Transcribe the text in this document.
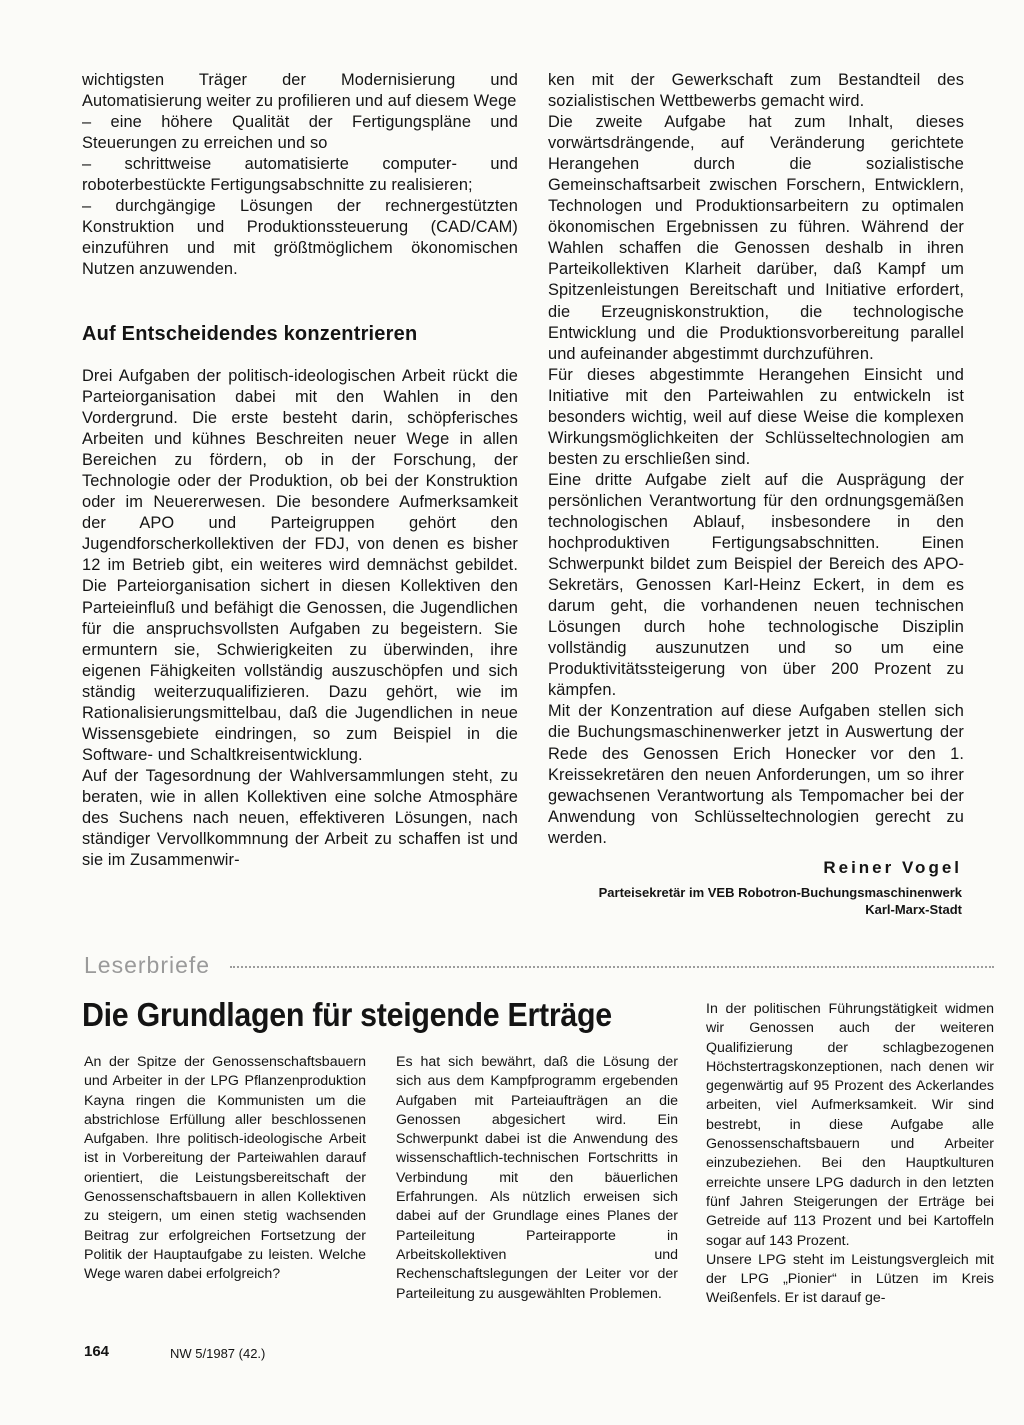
wichtigsten Träger der Modernisierung und Automatisierung weiter zu profilieren und auf diesem Wege

– eine höhere Qualität der Fertigungspläne und Steuerungen zu erreichen und so

– schrittweise automatisierte computer- und roboterbestückte Fertigungsabschnitte zu realisieren;

– durchgängige Lösungen der rechnergestützten Konstruktion und Produktionssteuerung (CAD/CAM) einzuführen und mit größtmöglichem ökonomischen Nutzen anzuwenden.

Auf Entscheidendes konzentrieren

Drei Aufgaben der politisch-ideologischen Arbeit rückt die Parteiorganisation dabei mit den Wahlen in den Vordergrund. Die erste besteht darin, schöpferisches Arbeiten und kühnes Beschreiten neuer Wege in allen Bereichen zu fördern, ob in der Forschung, der Technologie oder der Produktion, ob bei der Konstruktion oder im Neuererwesen. Die besondere Aufmerksamkeit der APO und Parteigruppen gehört den Jugendforscherkollektiven der FDJ, von denen es bisher 12 im Betrieb gibt, ein weiteres wird demnächst gebildet. Die Parteiorganisation sichert in diesen Kollektiven den Parteieinfluß und befähigt die Genossen, die Jugendlichen für die anspruchsvollsten Aufgaben zu begeistern. Sie ermuntern sie, Schwierigkeiten zu überwinden, ihre eigenen Fähigkeiten vollständig auszuschöpfen und sich ständig weiterzuqualifizieren. Dazu gehört, wie im Rationalisierungsmittelbau, daß die Jugendlichen in neue Wissensgebiete eindringen, so zum Beispiel in die Software- und Schaltkreisentwicklung.

Auf der Tagesordnung der Wahlversammlungen steht, zu beraten, wie in allen Kollektiven eine solche Atmosphäre des Suchens nach neuen, effektiveren Lösungen, nach ständiger Vervollkommnung der Arbeit zu schaffen ist und sie im Zusammenwir-

ken mit der Gewerkschaft zum Bestandteil des sozialistischen Wettbewerbs gemacht wird.

Die zweite Aufgabe hat zum Inhalt, dieses vorwärtsdrängende, auf Veränderung gerichtete Herangehen durch die sozialistische Gemeinschaftsarbeit zwischen Forschern, Entwicklern, Technologen und Produktionsarbeitern zu optimalen ökonomischen Ergebnissen zu führen. Während der Wahlen schaffen die Genossen deshalb in ihren Parteikollektiven Klarheit darüber, daß Kampf um Spitzenleistungen Bereitschaft und Initiative erfordert, die Erzeugniskonstruktion, die technologische Entwicklung und die Produktionsvorbereitung parallel und aufeinander abgestimmt durchzuführen.

Für dieses abgestimmte Herangehen Einsicht und Initiative mit den Parteiwahlen zu entwickeln ist besonders wichtig, weil auf diese Weise die komplexen Wirkungsmöglichkeiten der Schlüsseltechnologien am besten zu erschließen sind.

Eine dritte Aufgabe zielt auf die Ausprägung der persönlichen Verantwortung für den ordnungsgemäßen technologischen Ablauf, insbesondere in den hochproduktiven Fertigungsabschnitten. Einen Schwerpunkt bildet zum Beispiel der Bereich des APO-Sekretärs, Genossen Karl-Heinz Eckert, in dem es darum geht, die vorhandenen neuen technischen Lösungen durch hohe technologische Disziplin vollständig auszunutzen und so um eine Produktivitätssteigerung von über 200 Prozent zu kämpfen.

Mit der Konzentration auf diese Aufgaben stellen sich die Buchungsmaschinenwerker jetzt in Auswertung der Rede des Genossen Erich Honecker vor den 1. Kreissekretären den neuen Anforderungen, um so ihrer gewachsenen Verantwortung als Tempomacher bei der Anwendung von Schlüsseltechnologien gerecht zu werden.

Reiner Vogel
Parteisekretär im VEB Robotron-Buchungsmaschinenwerk
Karl-Marx-Stadt
Leserbriefe
Die Grundlagen für steigende Erträge

An der Spitze der Genossenschaftsbauern und Arbeiter in der LPG Pflanzenproduktion Kayna ringen die Kommunisten um die abstrichlose Erfüllung aller beschlossenen Aufgaben. Ihre politisch-ideologische Arbeit ist in Vorbereitung der Parteiwahlen darauf orientiert, die Leistungsbereitschaft der Genossenschaftsbauern in allen Kollektiven zu steigern, um einen stetig wachsenden Beitrag zur erfolgreichen Fortsetzung der Politik der Hauptaufgabe zu leisten. Welche Wege waren dabei erfolgreich?

Es hat sich bewährt, daß die Lösung der sich aus dem Kampfprogramm ergebenden Aufgaben mit Parteiaufträgen an die Genossen abgesichert wird. Ein Schwerpunkt dabei ist die Anwendung des wissenschaftlich-technischen Fortschritts in Verbindung mit den bäuerlichen Erfahrungen. Als nützlich erweisen sich dabei auf der Grundlage eines Planes der Parteileitung Parteirapporte in Arbeitskollektiven und Rechenschaftslegungen der Leiter vor der Parteileitung zu ausgewählten Problemen.

In der politischen Führungstätigkeit widmen wir Genossen auch der weiteren Qualifizierung der schlagbezogenen Höchstertragskonzeptionen, nach denen wir gegenwärtig auf 95 Prozent des Ackerlandes arbeiten, viel Aufmerksamkeit. Wir sind bestrebt, in diese Aufgabe alle Genossenschaftsbauern und Arbeiter einzubeziehen. Bei den Hauptkulturen erreichte unsere LPG dadurch in den letzten fünf Jahren Steigerungen der Erträge bei Getreide auf 113 Prozent und bei Kartoffeln sogar auf 143 Prozent.

Unsere LPG steht im Leistungsvergleich mit der LPG „Pionier“ in Lützen im Kreis Weißenfels. Er ist darauf ge-

164	NW 5/1987 (42.)
